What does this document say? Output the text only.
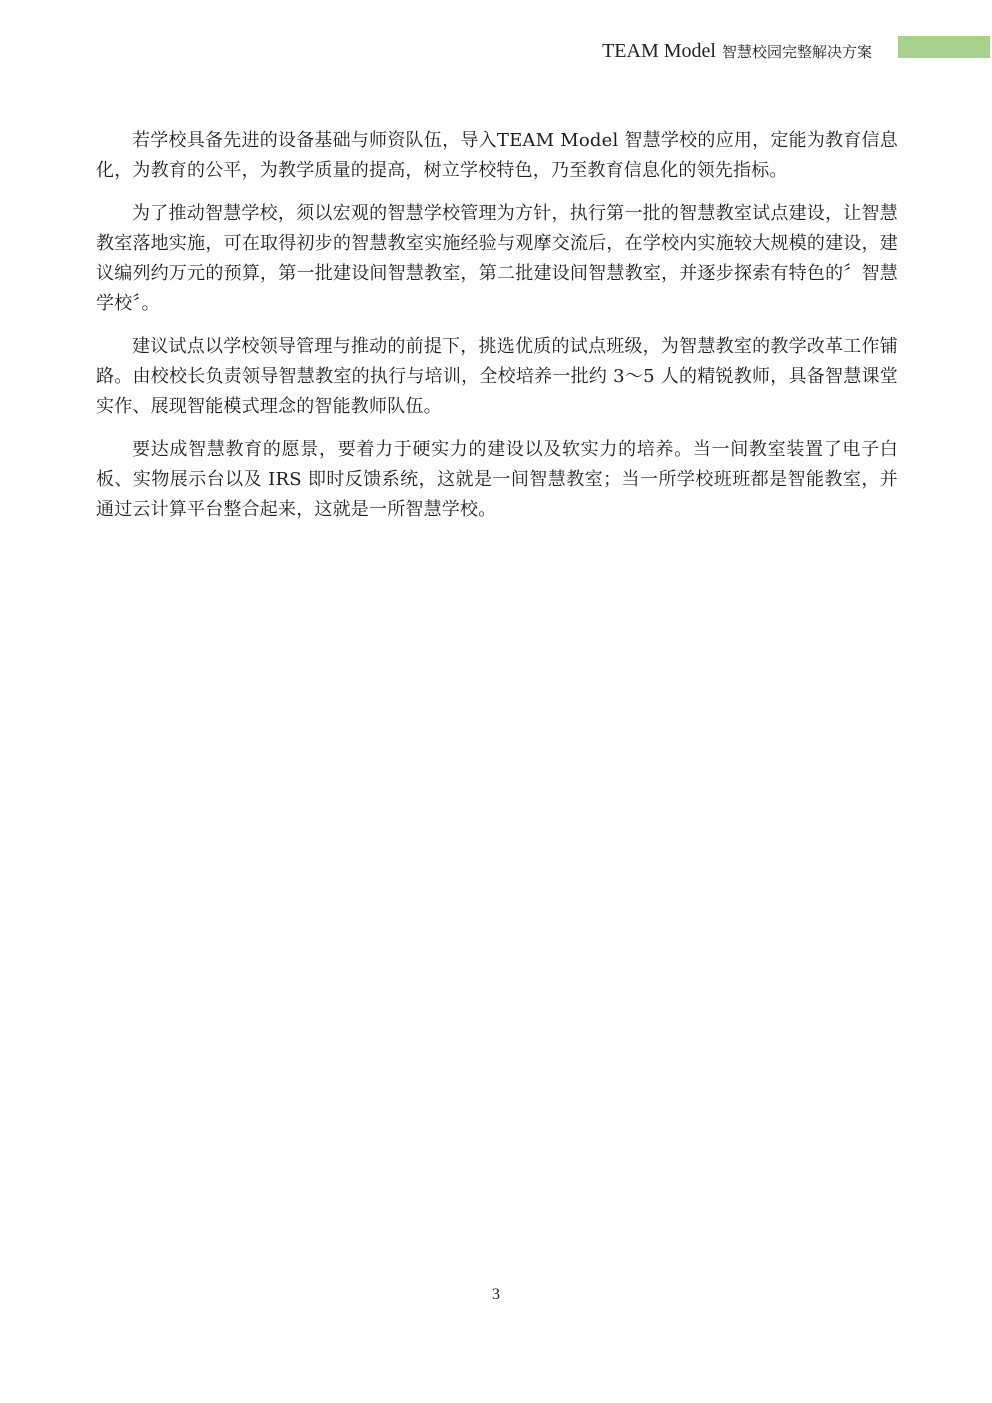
TEAM Model 智慧校园完整解决方案

若学校具备先进的设备基础与师资队伍，导入TEAM Model 智慧学校的应用，定能为教育信息化，为教育的公平，为教学质量的提高，树立学校特色，乃至教育信息化的领先指标。

为了推动智慧学校，须以宏观的智慧学校管理为方针，执行第一批的智慧教室试点建设，让智慧教室落地实施，可在取得初步的智慧教室实施经验与观摩交流后，在学校内实施较大规模的建设，建议编列约万元的预算，第一批建设间智慧教室，第二批建设间智慧教室，并逐步探索有特色的〞智慧学校〞。

建议试点以学校领导管理与推动的前提下，挑选优质的试点班级，为智慧教室的教学改革工作铺路。由校校长负责领导智慧教室的执行与培训，全校培养一批约 3～5 人的精锐教师，具备智慧课堂实作、展现智能模式理念的智能教师队伍。

要达成智慧教育的愿景，要着力于硬实力的建设以及软实力的培养。当一间教室装置了电子白板、实物展示台以及 IRS 即时反馈系统，这就是一间智慧教室；当一所学校班班都是智能教室，并通过云计算平台整合起来，这就是一所智慧学校。

3
